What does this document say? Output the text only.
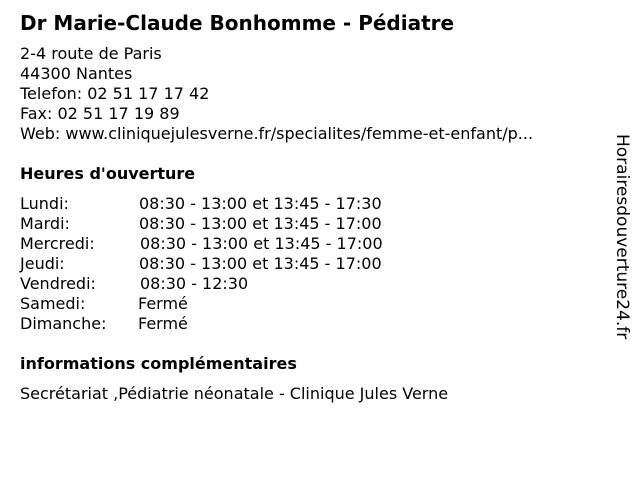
Dr Marie-Claude Bonhomme - Pédiatre
2-4 route de Paris
44300 Nantes
Telefon: 02 51 17 17 42
Fax: 02 51 17 19 89
Web: www.cliniquejulesverne.fr/specialites/femme-et-enfant/p...
Heures d'ouverture
Lundi:	08:30 - 13:00 et 13:45 - 17:30
Mardi:	08:30 - 13:00 et 13:45 - 17:00
Mercredi:	08:30 - 13:00 et 13:45 - 17:00
Jeudi:	08:30 - 13:00 et 13:45 - 17:00
Vendredi:	08:30 - 12:30
Samedi:	Fermé
Dimanche: Fermé
informations complémentaires
Secrétariat ,Pédiatrie néonatale - Clinique Jules Verne
Horairesdouverture24.fr
